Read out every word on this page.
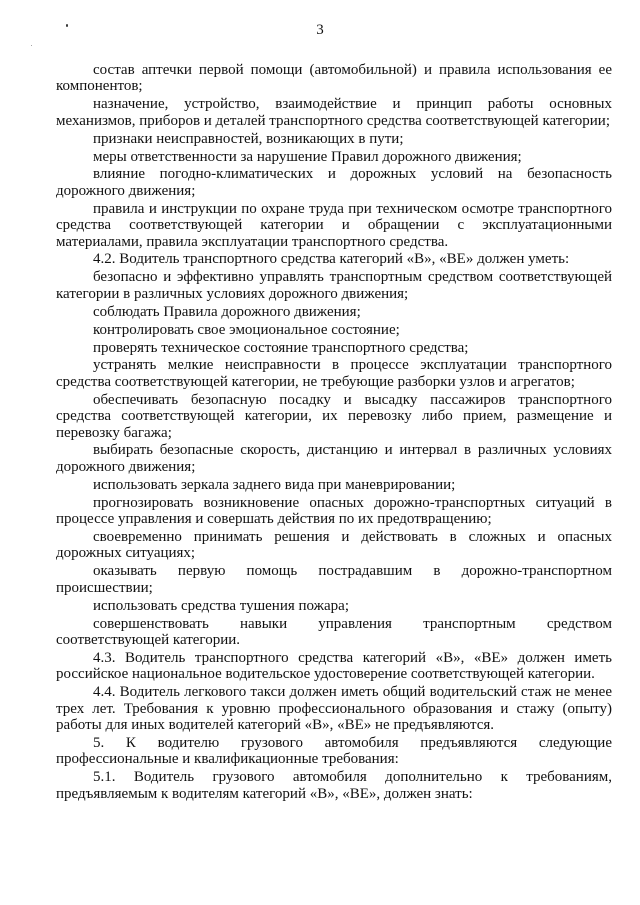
3

состав аптечки первой помощи (автомобильной) и правила использования ее компонентов;

назначение, устройство, взаимодействие и принцип работы основных механизмов, приборов и деталей транспортного средства соответствующей категории;

признаки неисправностей, возникающих в пути;

меры ответственности за нарушение Правил дорожного движения;

влияние погодно-климатических и дорожных условий на безопасность дорожного движения;

правила и инструкции по охране труда при техническом осмотре транспортного средства соответствующей категории и обращении с эксплуатационными материалами, правила эксплуатации транспортного средства.

4.2. Водитель транспортного средства категорий «В», «ВЕ» должен уметь:

безопасно и эффективно управлять транспортным средством соответствующей категории в различных условиях дорожного движения;

соблюдать Правила дорожного движения;

контролировать свое эмоциональное состояние;

проверять техническое состояние транспортного средства;

устранять мелкие неисправности в процессе эксплуатации транспортного средства соответствующей категории, не требующие разборки узлов и агрегатов;

обеспечивать безопасную посадку и высадку пассажиров транспортного средства соответствующей категории, их перевозку либо прием, размещение и перевозку багажа;

выбирать безопасные скорость, дистанцию и интервал в различных условиях дорожного движения;

использовать зеркала заднего вида при маневрировании;

прогнозировать возникновение опасных дорожно-транспортных ситуаций в процессе управления и совершать действия по их предотвращению;

своевременно принимать решения и действовать в сложных и опасных дорожных ситуациях;

оказывать первую помощь пострадавшим в дорожно-транспортном происшествии;

использовать средства тушения пожара;

совершенствовать навыки управления транспортным средством соответствующей категории.

4.3. Водитель транспортного средства категорий «В», «ВЕ» должен иметь российское национальное водительское удостоверение соответствующей категории.

4.4. Водитель легкового такси должен иметь общий водительский стаж не менее трех лет. Требования к уровню профессионального образования и стажу (опыту) работы для иных водителей категорий «В», «ВЕ» не предъявляются.

5. К водителю грузового автомобиля предъявляются следующие профессиональные и квалификационные требования:

5.1. Водитель грузового автомобиля дополнительно к требованиям, предъявляемым к водителям категорий «В», «ВЕ», должен знать:
